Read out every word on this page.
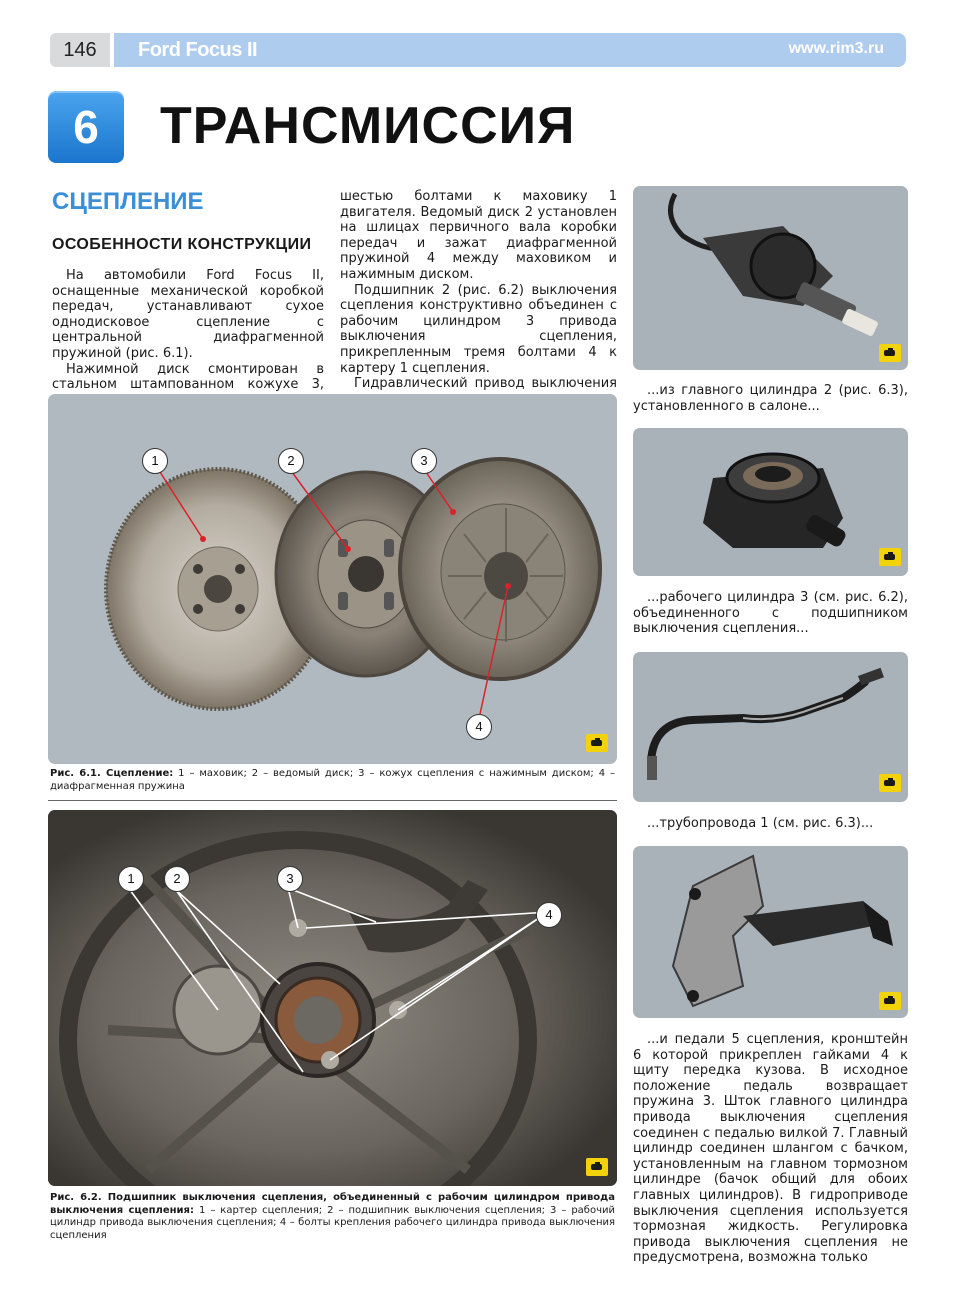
146	Ford Focus II	www.rim3.ru
6	ТРАНСМИССИЯ
СЦЕПЛЕНИЕ
ОСОБЕННОСТИ КОНСТРУКЦИИ

На автомобили Ford Focus II, оснащенные механической коробкой передач, устанавливают сухое однодисковое сцепление с центральной диафрагменной пружиной (рис. 6.1).

Нажимной диск смонтирован в стальном штампованном кожухе 3,

шестью болтами к маховику 1 двигателя. Ведомый диск 2 установлен на шлицах первичного вала коробки передач и зажат диафрагменной пружиной 4 между маховиком и нажимным диском.

Подшипник 2 (рис. 6.2) выключения сцепления конструктивно объединен с рабочим цилиндром 3 привода выключения сцепления, прикрепленным тремя болтами 4 к картеру 1 сцепления.

Гидравлический привод выключения

1	2	3
4
Рис. 6.1. Сцепление: 1 – маховик; 2 – ведомый диск; 3 – кожух сцепления с нажимным диском; 4 – диафрагменная пружина
1	2	3
4
Рис. 6.2. Подшипник выключения сцепления, объединенный с рабочим цилиндром привода выключения сцепления: 1 – картер сцепления; 2 – подшипник выключения сцепления; 3 – рабочий цилиндр привода выключения сцепления; 4 – болты крепления рабочего цилиндра привода выключения сцепления
...из главного цилиндра 2 (рис. 6.3), установленного в салоне...
...рабочего цилиндра 3 (см. рис. 6.2), объединенного с подшипником выключения сцепления...
...трубопровода 1 (см. рис. 6.3)...
...и педали 5 сцепления, кронштейн 6 которой прикреплен гайками 4 к щиту передка кузова. В исходное положение педаль возвращает пружина 3. Шток главного цилиндра привода выключения сцепления соединен с педалью вилкой 7. Главный цилиндр соединен шлангом с бачком, установленным на главном тормозном цилиндре (бачок общий для обоих главных цилиндров). В гидроприводе выключения сцепления используется тормозная жидкость. Регулировка привода выключения сцепления не предусмотрена, возможна только
